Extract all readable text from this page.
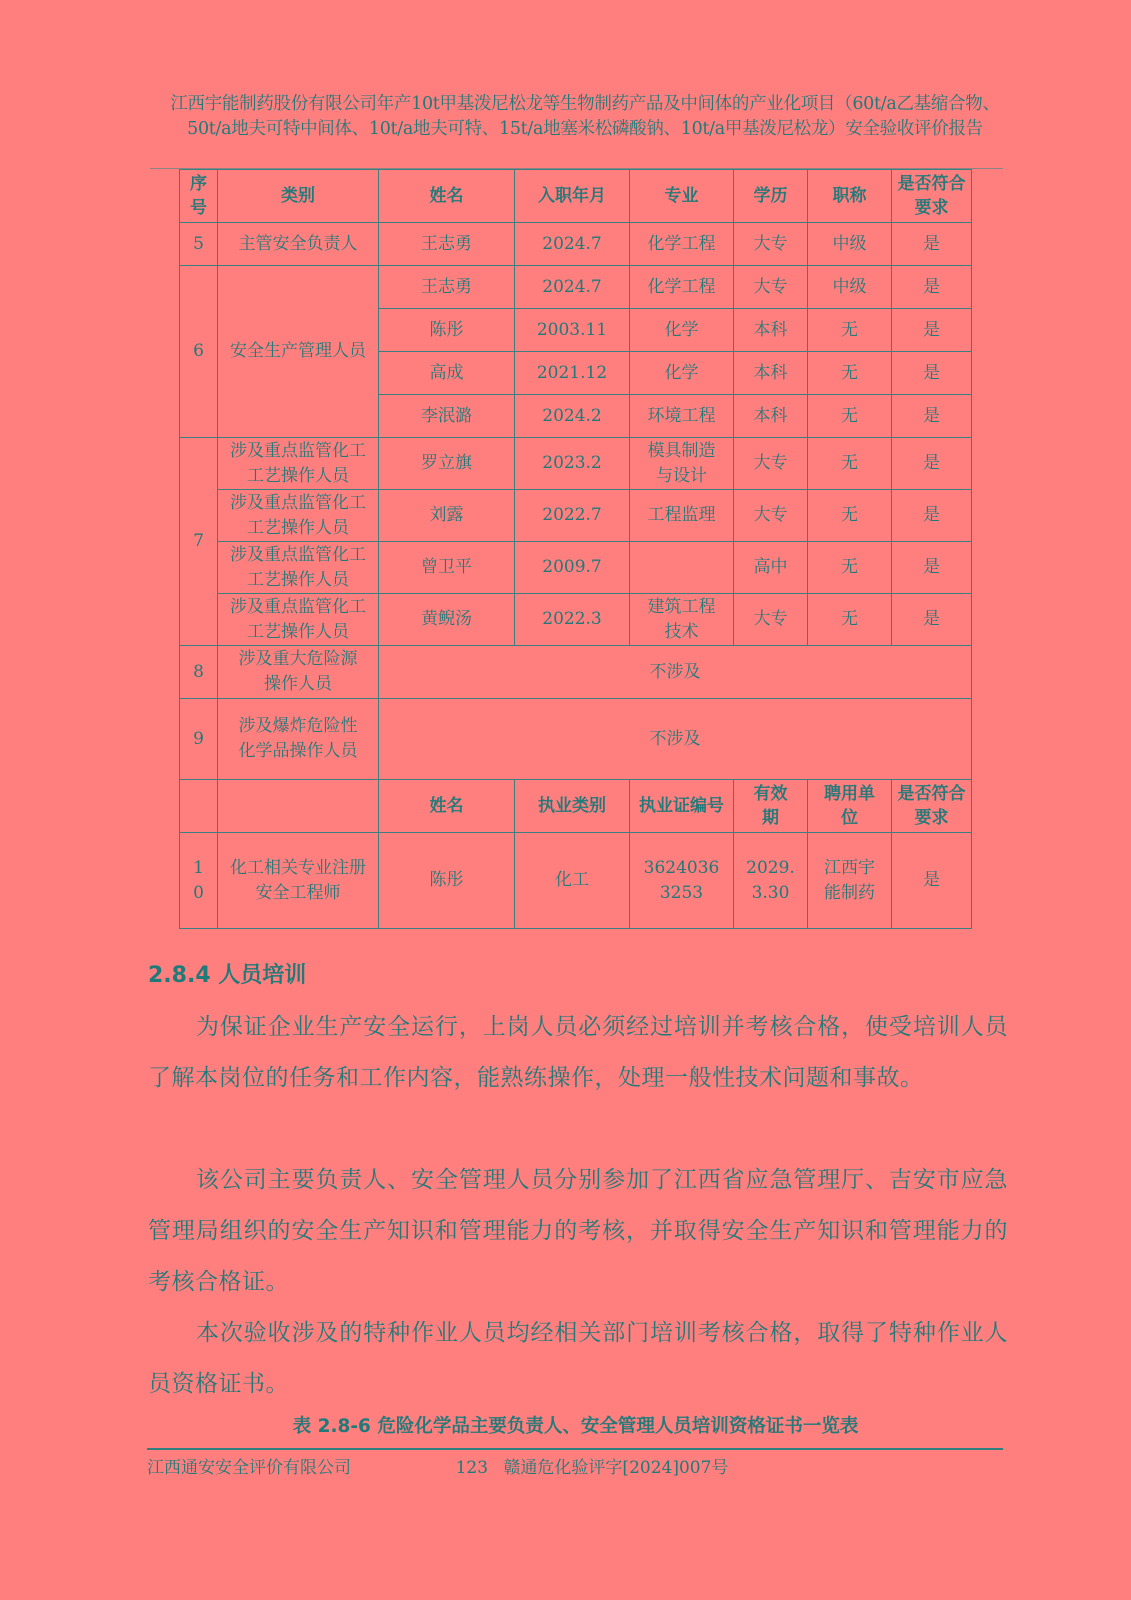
江西宇能制药股份有限公司年产10t甲基泼尼松龙等生物制药产品及中间体的产业化项目（60t/a乙基缩合物、50t/a地夫可特中间体、10t/a地夫可特、15t/a地塞米松磷酸钠、10t/a甲基泼尼松龙）安全验收评价报告
序号	类别	姓名	入职年月	专业	学历	职称	是否符合要求
5	主管安全负责人	王志勇	2024.7	化学工程	大专	中级	是
6	安全生产管理人员	王志勇	2024.7	化学工程	大专	中级	是
		陈彤	2003.11	化学	本科	无	是
		高成	2021.12	化学	本科	无	是
		李泯潞	2024.2	环境工程	本科	无	是
7	涉及重点监管化工工艺操作人员	罗立旗	2023.2	模具制造与设计	大专	无	是
	涉及重点监管化工工艺操作人员	刘露	2022.7	工程监理	大专	无	是
	涉及重点监管化工工艺操作人员	曾卫平	2009.7		高中	无	是
	涉及重点监管化工工艺操作人员	黄鲵汤	2022.3	建筑工程技术	大专	无	是
8	涉及重大危险源操作人员	不涉及					
9	涉及爆炸危险性化学品操作人员	不涉及					
		姓名	执业类别	执业证编号	有效期	聘用单位	是否符合要求
10	化工相关专业注册安全工程师	陈彤	化工	36240363253	2029.3.30	江西宇能制药	是
2.8.4 人员培训

为保证企业生产安全运行，上岗人员必须经过培训并考核合格，使受培训人员了解本岗位的任务和工作内容，能熟练操作，处理一般性技术问题和事故。

该公司主要负责人、安全管理人员分别参加了江西省应急管理厅、吉安市应急管理局组织的安全生产知识和管理能力的考核，并取得安全生产知识和管理能力的考核合格证。

本次验收涉及的特种作业人员均经相关部门培训考核合格，取得了特种作业人员资格证书。

表 2.8-6 危险化学品主要负责人、安全管理人员培训资格证书一览表
江西通安安全评价有限公司	123 赣通危化验评字[2024]007号
